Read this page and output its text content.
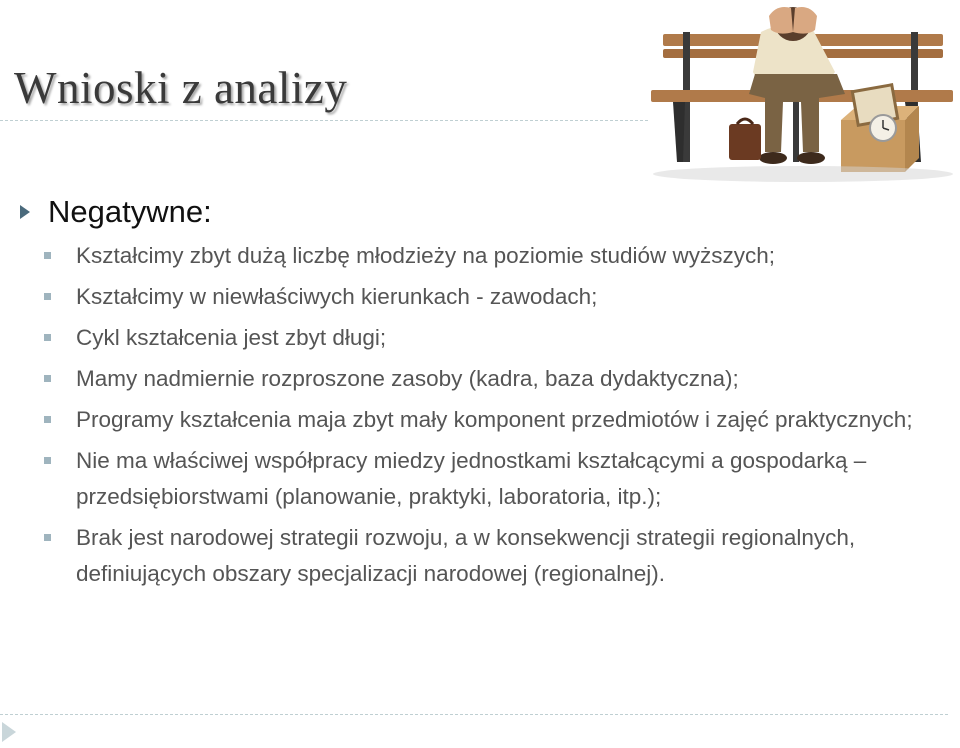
Wnioski z analizy
Negatywne:
Kształcimy zbyt dużą liczbę młodzieży na poziomie studiów wyższych;
Kształcimy w niewłaściwych kierunkach - zawodach;
Cykl kształcenia jest zbyt długi;
Mamy nadmiernie rozproszone zasoby (kadra, baza dydaktyczna);
Programy kształcenia maja zbyt mały komponent przedmiotów i zajęć praktycznych;
Nie ma właściwej współpracy miedzy jednostkami kształcącymi a gospodarką – przedsiębiorstwami (planowanie, praktyki, laboratoria, itp.);
Brak jest narodowej strategii rozwoju, a w konsekwencji strategii regionalnych, definiujących obszary specjalizacji narodowej (regionalnej).
